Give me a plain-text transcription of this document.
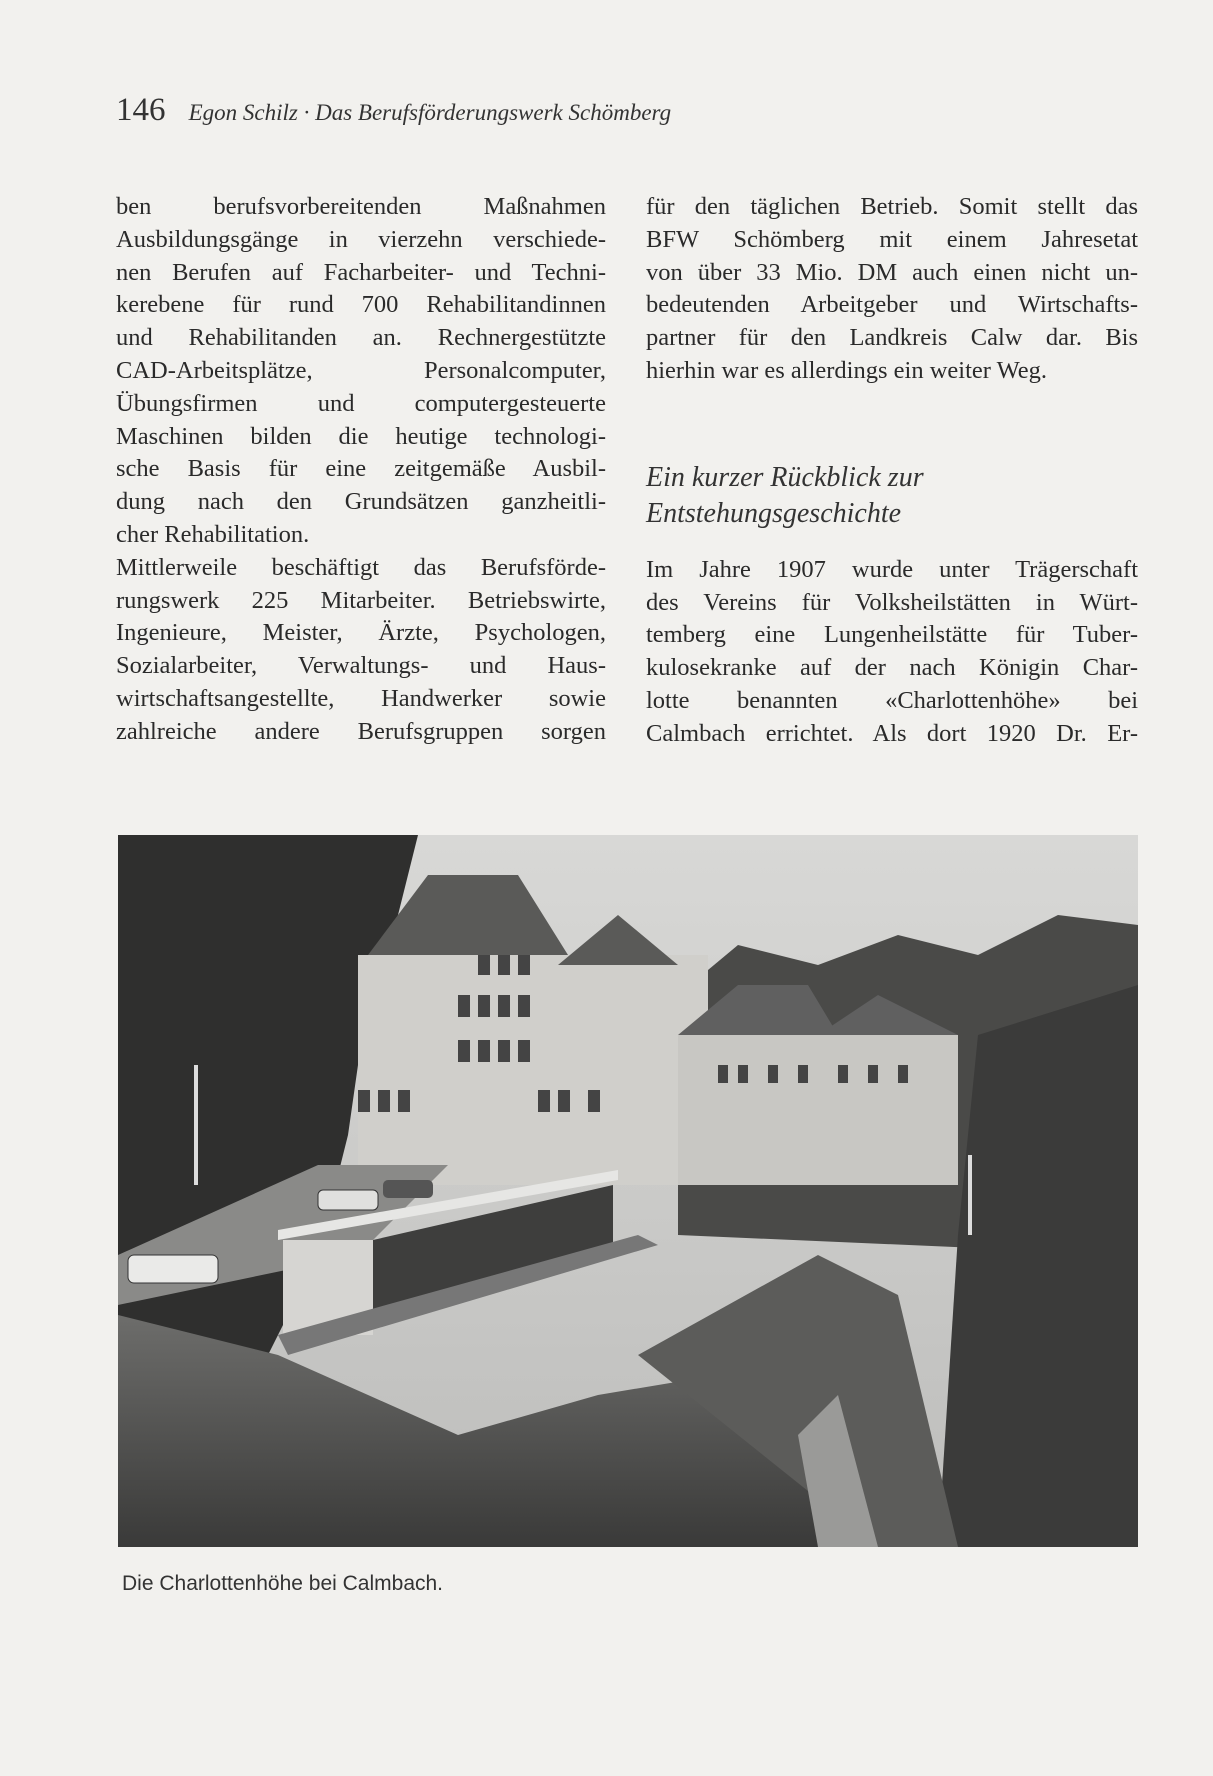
146 Egon Schilz · Das Berufsförderungswerk Schömberg

ben berufsvorbereitenden Maßnahmen
Ausbildungsgänge in vierzehn verschiede-
nen Berufen auf Facharbeiter- und Techni-
kerebene für rund 700 Rehabilitandinnen
und Rehabilitanden an. Rechnergestützte
CAD-Arbeitsplätze, Personalcomputer,
Übungsfirmen und computergesteuerte
Maschinen bilden die heutige technologi-
sche Basis für eine zeitgemäße Ausbil-
dung nach den Grundsätzen ganzheitli-
cher Rehabilitation.
Mittlerweile beschäftigt das Berufsförde-
rungswerk 225 Mitarbeiter. Betriebswirte,
Ingenieure, Meister, Ärzte, Psychologen,
Sozialarbeiter, Verwaltungs- und Haus-
wirtschaftsangestellte, Handwerker sowie
zahlreiche andere Berufsgruppen sorgen

für den täglichen Betrieb. Somit stellt das
BFW Schömberg mit einem Jahresetat
von über 33 Mio. DM auch einen nicht un-
bedeutenden Arbeitgeber und Wirtschafts-
partner für den Landkreis Calw dar. Bis
hierhin war es allerdings ein weiter Weg.

Ein kurzer Rückblick zur
Entstehungsgeschichte

Im Jahre 1907 wurde unter Trägerschaft
des Vereins für Volksheilstätten in Würt-
temberg eine Lungenheilstätte für Tuber-
kulosekranke auf der nach Königin Char-
lotte benannten «Charlottenhöhe» bei
Calmbach errichtet. Als dort 1920 Dr. Er-

Die Charlottenhöhe bei Calmbach.
